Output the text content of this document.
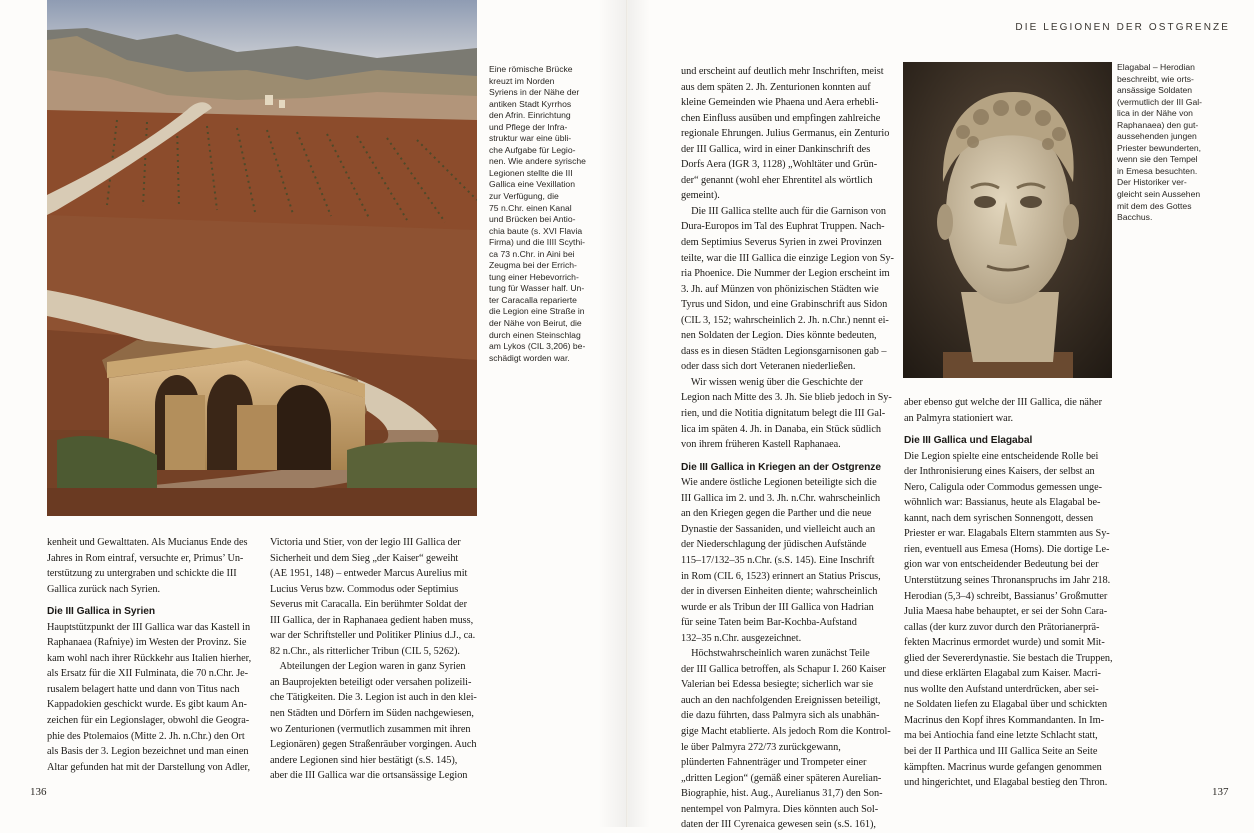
DIE LEGIONEN DER OSTGRENZE
Eine römische Brücke
kreuzt im Norden
Syriens in der Nähe der
antiken Stadt Kyrrhos
den Afrin. Einrichtung
und Pflege der Infra-
struktur war eine übli-
che Aufgabe für Legio-
nen. Wie andere syrische
Legionen stellte die III
Gallica eine Vexillation
zur Verfügung, die
75 n.Chr. einen Kanal
und Brücken bei Antio-
chia baute (s. XVI Flavia
Firma) und die IIII Scythi-
ca 73 n.Chr. in Aini bei
Zeugma bei der Errich-
tung einer Hebevorrich-
tung für Wasser half. Un-
ter Caracalla reparierte
die Legion eine Straße in
der Nähe von Beirut, die
durch einen Steinschlag
am Lykos (CIL 3,206) be-
schädigt worden war.
Elagabal – Herodian
beschreibt, wie orts-
ansässige Soldaten
(vermutlich der III Gal-
lica in der Nähe von
Raphanaea) den gut-
aussehenden jungen
Priester bewunderten,
wenn sie den Tempel
in Emesa besuchten.
Der Historiker ver-
gleicht sein Aussehen
mit dem des Gottes
Bacchus.
kenheit und Gewalttaten. Als Mucianus Ende des
Jahres in Rom eintraf, versuchte er, Primus’ Un-
terstützung zu untergraben und schickte die III
Gallica zurück nach Syrien.
Die III Gallica in Syrien
Hauptstützpunkt der III Gallica war das Kastell in
Raphanaea (Rafniye) im Westen der Provinz. Sie
kam wohl nach ihrer Rückkehr aus Italien hierher,
als Ersatz für die XII Fulminata, die 70 n.Chr. Je-
rusalem belagert hatte und dann von Titus nach
Kappadokien geschickt wurde. Es gibt kaum An-
zeichen für ein Legionslager, obwohl die Geogra-
phie des Ptolemaios (Mitte 2. Jh. n.Chr.) den Ort
als Basis der 3. Legion bezeichnet und man einen
Altar gefunden hat mit der Darstellung von Adler,
Victoria und Stier, von der legio III Gallica der
Sicherheit und dem Sieg „der Kaiser“ geweiht
(AE 1951, 148) – entweder Marcus Aurelius mit
Lucius Verus bzw. Commodus oder Septimius
Severus mit Caracalla. Ein berühmter Soldat der
III Gallica, der in Raphanaea gedient haben muss,
war der Schriftsteller und Politiker Plinius d.J., ca.
82 n.Chr., als ritterlicher Tribun (CIL 5, 5262).
Abteilungen der Legion waren in ganz Syrien
an Bauprojekten beteiligt oder versahen polizeili-
che Tätigkeiten. Die 3. Legion ist auch in den klei-
nen Städten und Dörfern im Süden nachgewiesen,
wo Zenturionen (vermutlich zusammen mit ihren
Legionären) gegen Straßenräuber vorgingen. Auch
andere Legionen sind hier bestätigt (s.S. 145),
aber die III Gallica war die ortsansässige Legion
und erscheint auf deutlich mehr Inschriften, meist
aus dem späten 2. Jh. Zenturionen konnten auf
kleine Gemeinden wie Phaena und Aera erhebli-
chen Einfluss ausüben und empfingen zahlreiche
regionale Ehrungen. Julius Germanus, ein Zenturio
der III Gallica, wird in einer Dankinschrift des
Dorfs Aera (IGR 3, 1128) „Wohltäter und Grün-
der“ genannt (wohl eher Ehrentitel als wörtlich
gemeint).
Die III Gallica stellte auch für die Garnison von
Dura-Europos im Tal des Euphrat Truppen. Nach-
dem Septimius Severus Syrien in zwei Provinzen
teilte, war die III Gallica die einzige Legion von Sy-
ria Phoenice. Die Nummer der Legion erscheint im
3. Jh. auf Münzen von phönizischen Städten wie
Tyrus und Sidon, und eine Grabinschrift aus Sidon
(CIL 3, 152; wahrscheinlich 2. Jh. n.Chr.) nennt ei-
nen Soldaten der Legion. Dies könnte bedeuten,
dass es in diesen Städten Legionsgarnisonen gab –
oder dass sich dort Veteranen niederließen.
Wir wissen wenig über die Geschichte der
Legion nach Mitte des 3. Jh. Sie blieb jedoch in Sy-
rien, und die Notitia dignitatum belegt die III Gal-
lica im späten 4. Jh. in Danaba, ein Stück südlich
von ihrem früheren Kastell Raphanaea.
Die III Gallica in Kriegen an der Ostgrenze
Wie andere östliche Legionen beteiligte sich die
III Gallica im 2. und 3. Jh. n.Chr. wahrscheinlich
an den Kriegen gegen die Parther und die neue
Dynastie der Sassaniden, und vielleicht auch an
der Niederschlagung der jüdischen Aufstände
115–17/132–35 n.Chr. (s.S. 145). Eine Inschrift
in Rom (CIL 6, 1523) erinnert an Statius Priscus,
der in diversen Einheiten diente; wahrscheinlich
wurde er als Tribun der III Gallica von Hadrian
für seine Taten beim Bar-Kochba-Aufstand
132–35 n.Chr. ausgezeichnet.
Höchstwahrscheinlich waren zunächst Teile
der III Gallica betroffen, als Schapur I. 260 Kaiser
Valerian bei Edessa besiegte; sicherlich war sie
auch an den nachfolgenden Ereignissen beteiligt,
die dazu führten, dass Palmyra sich als unabhän-
gige Macht etablierte. Als jedoch Rom die Kontrol-
le über Palmyra 272/73 zurückgewann,
plünderten Fahnenträger und Trompeter einer
„dritten Legion“ (gemäß einer späteren Aurelian-
Biographie, hist. Aug., Aurelianus 31,7) den Son-
nentempel von Palmyra. Dies könnten auch Sol-
daten der III Cyrenaica gewesen sein (s.S. 161),
aber ebenso gut welche der III Gallica, die näher
an Palmyra stationiert war.
Die III Gallica und Elagabal
Die Legion spielte eine entscheidende Rolle bei
der Inthronisierung eines Kaisers, der selbst an
Nero, Caligula oder Commodus gemessen unge-
wöhnlich war: Bassianus, heute als Elagabal be-
kannt, nach dem syrischen Sonnengott, dessen
Priester er war. Elagabals Eltern stammten aus Sy-
rien, eventuell aus Emesa (Homs). Die dortige Le-
gion war von entscheidender Bedeutung bei der
Unterstützung seines Thronanspruchs im Jahr 218.
Herodian (5,3–4) schreibt, Bassianus’ Großmutter
Julia Maesa habe behauptet, er sei der Sohn Cara-
callas (der kurz zuvor durch den Prätorianerprä-
fekten Macrinus ermordet wurde) und somit Mit-
glied der Severerdynastie. Sie bestach die Truppen,
und diese erklärten Elagabal zum Kaiser. Macri-
nus wollte den Aufstand unterdrücken, aber sei-
ne Soldaten liefen zu Elagabal über und schickten
Macrinus den Kopf ihres Kommandanten. In Im-
ma bei Antiochia fand eine letzte Schlacht statt,
bei der II Parthica und III Gallica Seite an Seite
kämpften. Macrinus wurde gefangen genommen
und hingerichtet, und Elagabal bestieg den Thron.
136	137
